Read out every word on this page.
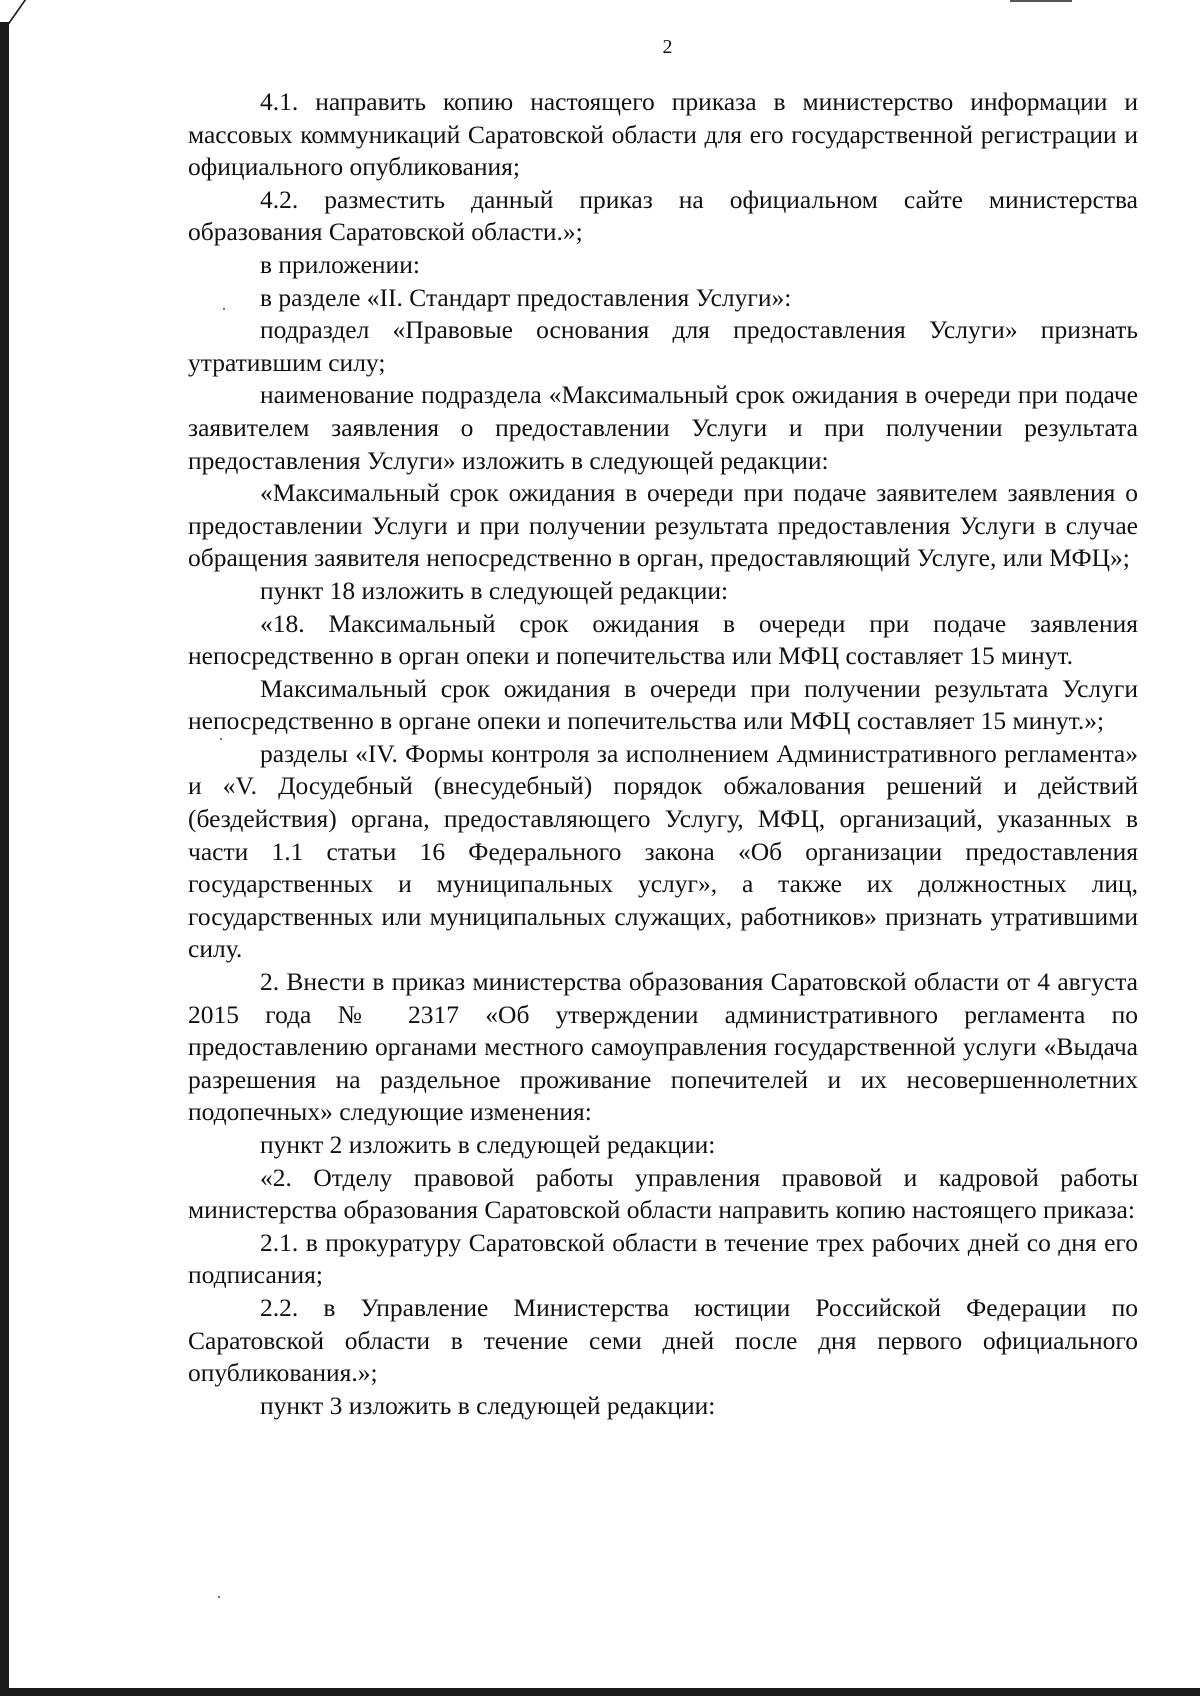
2

4.1. направить копию настоящего приказа в министерство информации и массовых коммуникаций Саратовской области для его государственной регистрации и официального опубликования;

4.2. разместить данный приказ на официальном сайте министерства образования Саратовской области.»;

в приложении:

в разделе «II. Стандарт предоставления Услуги»:

подраздел «Правовые основания для предоставления Услуги» признать утратившим силу;

наименование подраздела «Максимальный срок ожидания в очереди при подаче заявителем заявления о предоставлении Услуги и при получении результата предоставления Услуги» изложить в следующей редакции:

«Максимальный срок ожидания в очереди при подаче заявителем заявления о предоставлении Услуги и при получении результата предоставления Услуги в случае обращения заявителя непосредственно в орган, предоставляющий Услуге, или МФЦ»;

пункт 18 изложить в следующей редакции:

«18. Максимальный срок ожидания в очереди при подаче заявления непосредственно в орган опеки и попечительства или МФЦ составляет 15 минут.

Максимальный срок ожидания в очереди при получении результата Услуги непосредственно в органе опеки и попечительства или МФЦ составляет 15 минут.»;

разделы «IV. Формы контроля за исполнением Административного регламента» и «V. Досудебный (внесудебный) порядок обжалования решений и действий (бездействия) органа, предоставляющего Услугу, МФЦ, организаций, указанных в части 1.1 статьи 16 Федерального закона «Об организации предоставления государственных и муниципальных услуг», а также их должностных лиц, государственных или муниципальных служащих, работников» признать утратившими силу.

2. Внести в приказ министерства образования Саратовской области от 4 августа 2015 года № 2317 «Об утверждении административного регламента по предоставлению органами местного самоуправления государственной услуги «Выдача разрешения на раздельное проживание попечителей и их несовершеннолетних подопечных» следующие изменения:

пункт 2 изложить в следующей редакции:

«2. Отделу правовой работы управления правовой и кадровой работы министерства образования Саратовской области направить копию настоящего приказа:

2.1. в прокуратуру Саратовской области в течение трех рабочих дней со дня его подписания;

2.2. в Управление Министерства юстиции Российской Федерации по Саратовской области в течение семи дней после дня первого официального опубликования.»;

пункт 3 изложить в следующей редакции:
